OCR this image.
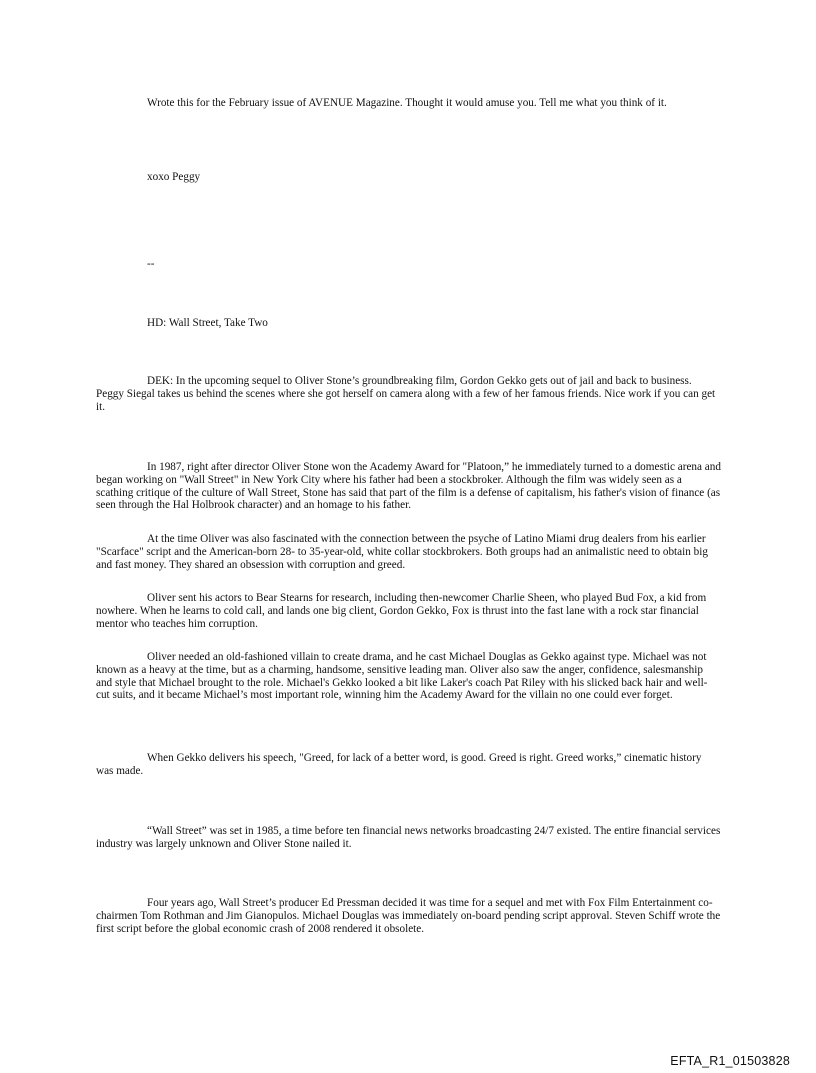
Wrote this for the February issue of AVENUE Magazine. Thought it would amuse you. Tell me what you think of it.

xoxo Peggy

--

HD: Wall Street, Take Two

DEK: In the upcoming sequel to Oliver Stone’s groundbreaking film, Gordon Gekko gets out of jail and back to business. Peggy Siegal takes us behind the scenes where she got herself on camera along with a few of her famous friends. Nice work if you can get it.

In 1987, right after director Oliver Stone won the Academy Award for "Platoon,” he immediately turned to a domestic arena and began working on "Wall Street" in New York City where his father had been a stockbroker. Although the film was widely seen as a scathing critique of the culture of Wall Street, Stone has said that part of the film is a defense of capitalism, his father's vision of finance (as seen through the Hal Holbrook character) and an homage to his father.

At the time Oliver was also fascinated with the connection between the psyche of Latino Miami drug dealers from his earlier "Scarface" script and the American-born 28- to 35-year-old, white collar stockbrokers. Both groups had an animalistic need to obtain big and fast money. They shared an obsession with corruption and greed.

Oliver sent his actors to Bear Stearns for research, including then-newcomer Charlie Sheen, who played Bud Fox, a kid from nowhere. When he learns to cold call, and lands one big client, Gordon Gekko, Fox is thrust into the fast lane with a rock star financial mentor who teaches him corruption.

Oliver needed an old-fashioned villain to create drama, and he cast Michael Douglas as Gekko against type. Michael was not known as a heavy at the time, but as a charming, handsome, sensitive leading man. Oliver also saw the anger, confidence, salesmanship and style that Michael brought to the role. Michael's Gekko looked a bit like Laker's coach Pat Riley with his slicked back hair and well-cut suits, and it became Michael’s most important role, winning him the Academy Award for the villain no one could ever forget.

When Gekko delivers his speech, "Greed, for lack of a better word, is good. Greed is right. Greed works,” cinematic history was made.

“Wall Street” was set in 1985, a time before ten financial news networks broadcasting 24/7 existed. The entire financial services industry was largely unknown and Oliver Stone nailed it.

Four years ago, Wall Street’s producer Ed Pressman decided it was time for a sequel and met with Fox Film Entertainment co-chairmen Tom Rothman and Jim Gianopulos. Michael Douglas was immediately on-board pending script approval. Steven Schiff wrote the first script before the global economic crash of 2008 rendered it obsolete.

EFTA_R1_01503828
